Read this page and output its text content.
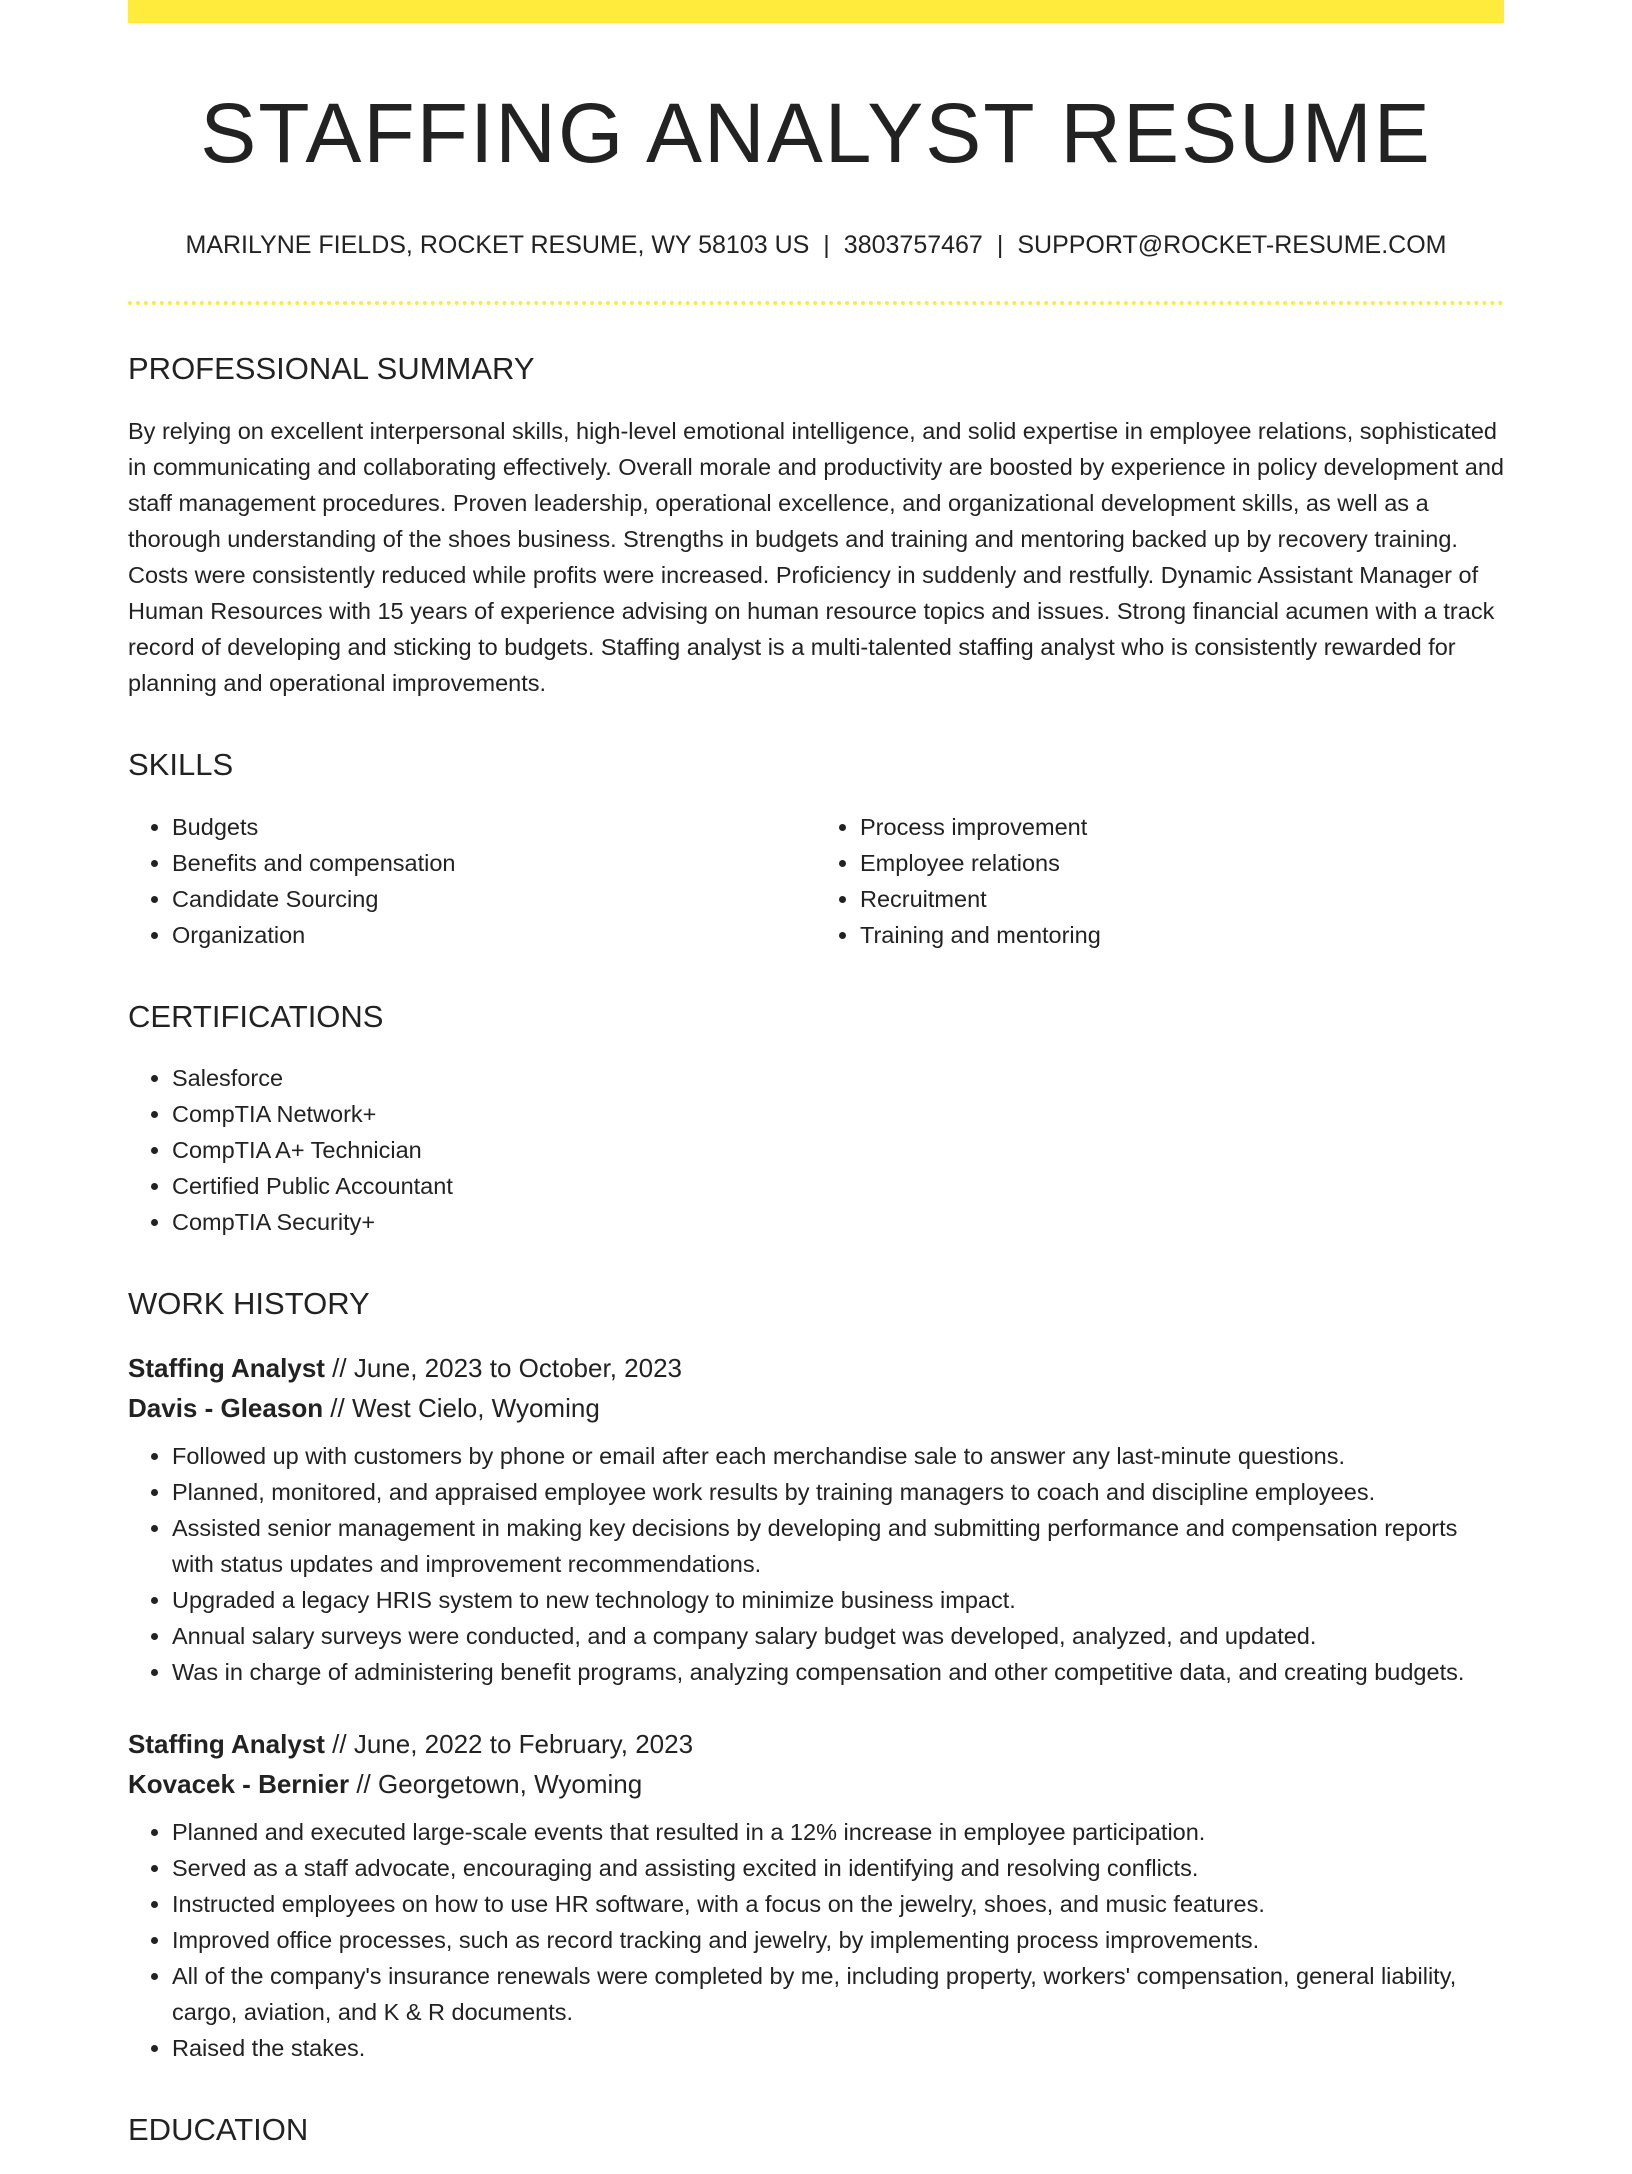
STAFFING ANALYST RESUME
MARILYNE FIELDS, ROCKET RESUME, WY 58103 US | 3803757467 | SUPPORT@ROCKET-RESUME.COM
PROFESSIONAL SUMMARY

By relying on excellent interpersonal skills, high-level emotional intelligence, and solid expertise in employee relations, sophisticated in communicating and collaborating effectively. Overall morale and productivity are boosted by experience in policy development and staff management procedures. Proven leadership, operational excellence, and organizational development skills, as well as a thorough understanding of the shoes business. Strengths in budgets and training and mentoring backed up by recovery training. Costs were consistently reduced while profits were increased. Proficiency in suddenly and restfully. Dynamic Assistant Manager of Human Resources with 15 years of experience advising on human resource topics and issues. Strong financial acumen with a track record of developing and sticking to budgets. Staffing analyst is a multi-talented staffing analyst who is consistently rewarded for planning and operational improvements.

SKILLS
• Budgets
• Benefits and compensation
• Candidate Sourcing
• Organization
• Process improvement
• Employee relations
• Recruitment
• Training and mentoring
CERTIFICATIONS
• Salesforce
• CompTIA Network+
• CompTIA A+ Technician
• Certified Public Accountant
• CompTIA Security+
WORK HISTORY
Staffing Analyst // June, 2023 to October, 2023
Davis - Gleason // West Cielo, Wyoming
• Followed up with customers by phone or email after each merchandise sale to answer any last-minute questions.
• Planned, monitored, and appraised employee work results by training managers to coach and discipline employees.
• Assisted senior management in making key decisions by developing and submitting performance and compensation reports with status updates and improvement recommendations.
• Upgraded a legacy HRIS system to new technology to minimize business impact.
• Annual salary surveys were conducted, and a company salary budget was developed, analyzed, and updated.
• Was in charge of administering benefit programs, analyzing compensation and other competitive data, and creating budgets.
Staffing Analyst // June, 2022 to February, 2023
Kovacek - Bernier // Georgetown, Wyoming
• Planned and executed large-scale events that resulted in a 12% increase in employee participation.
• Served as a staff advocate, encouraging and assisting excited in identifying and resolving conflicts.
• Instructed employees on how to use HR software, with a focus on the jewelry, shoes, and music features.
• Improved office processes, such as record tracking and jewelry, by implementing process improvements.
• All of the company's insurance renewals were completed by me, including property, workers' compensation, general liability, cargo, aviation, and K & R documents.
• Raised the stakes.
EDUCATION
